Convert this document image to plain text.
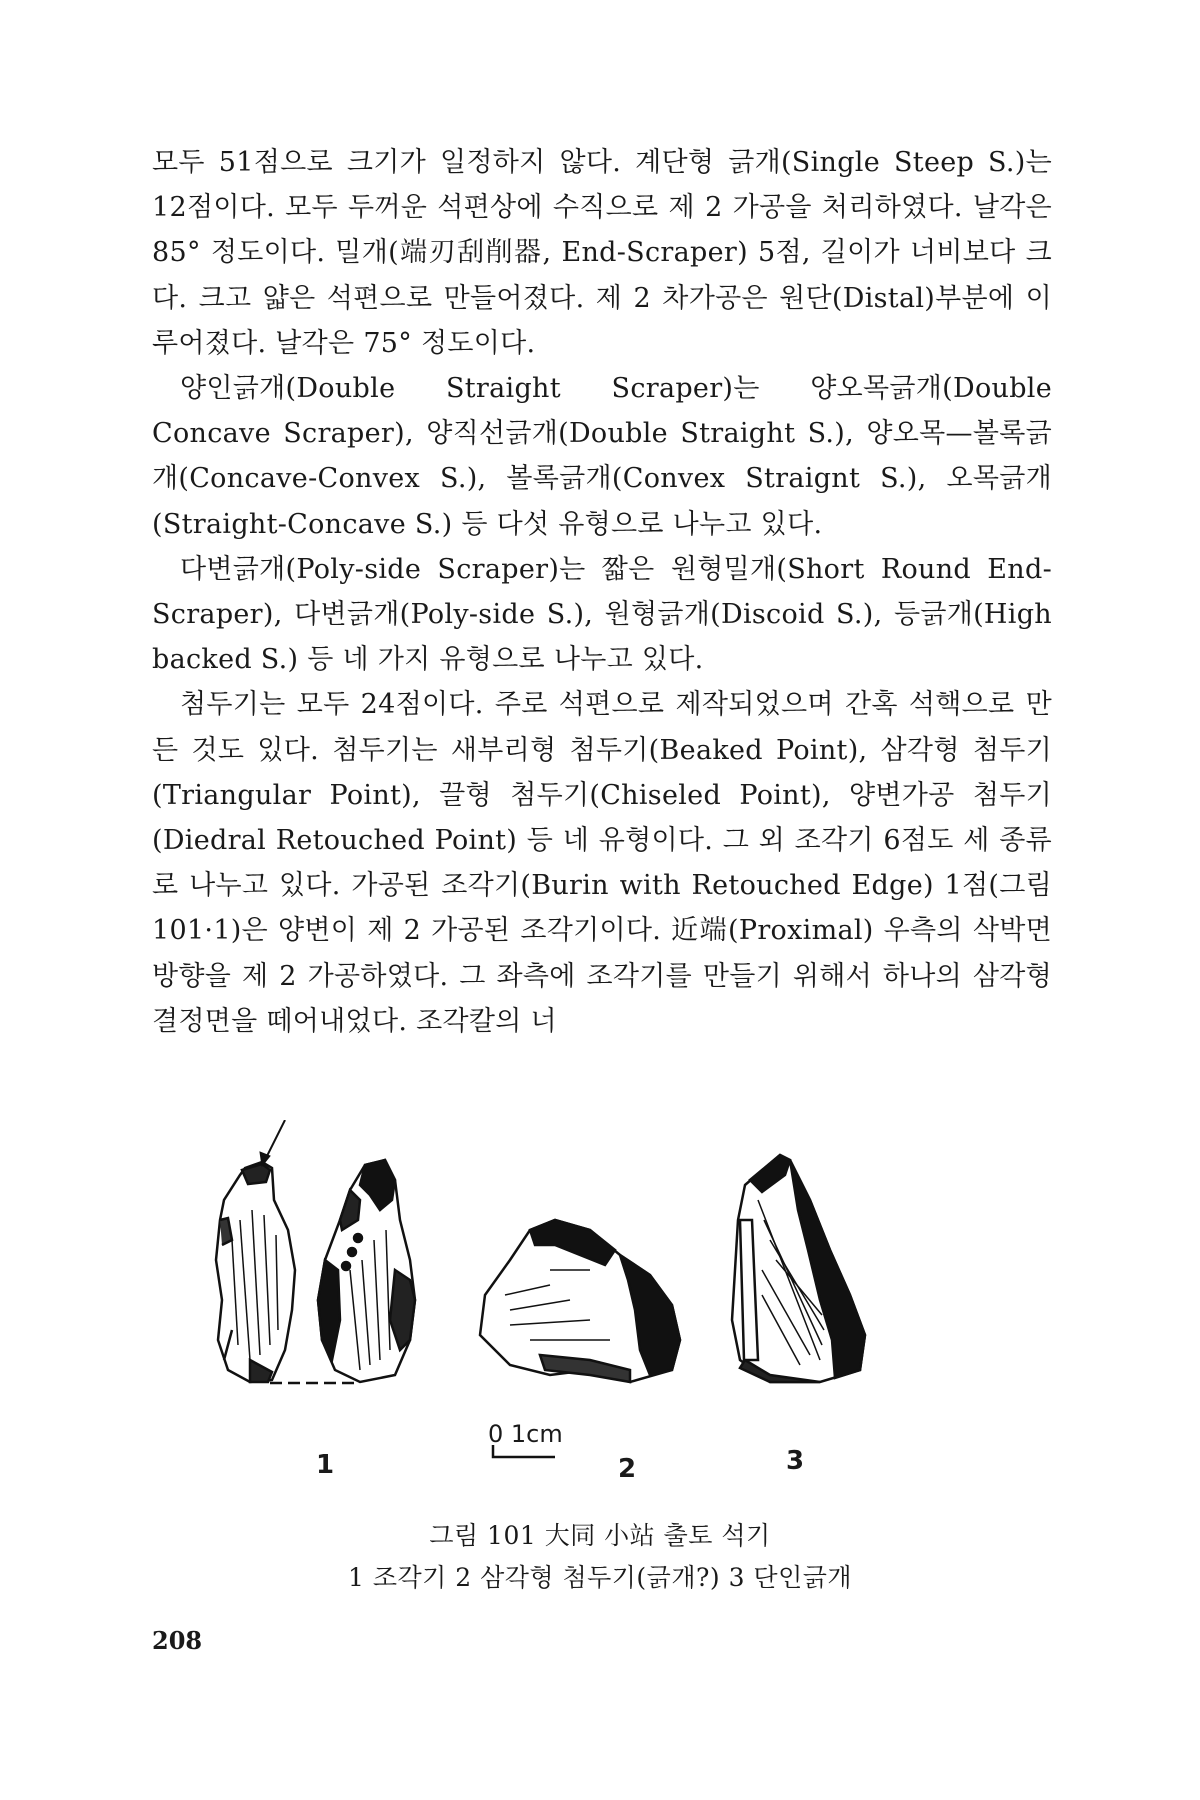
모두 51점으로 크기가 일정하지 않다. 계단형 긁개(Single Steep S.)는 12점이다. 모두 두꺼운 석편상에 수직으로 제 2 가공을 처리하였다. 날각은 85° 정도이다. 밀개(端刃刮削器, End-Scraper) 5점, 길이가 너비보다 크다. 크고 얇은 석편으로 만들어졌다. 제 2 차가공은 원단(Distal)부분에 이루어졌다. 날각은 75° 정도이다.

양인긁개(Double Straight Scraper)는 양오목긁개(Double Concave Scraper), 양직선긁개(Double Straight S.), 양오목—볼록긁개(Concave-Convex S.), 볼록긁개(Convex Straignt S.), 오목긁개(Straight-Concave S.) 등 다섯 유형으로 나누고 있다.

다변긁개(Poly-side Scraper)는 짧은 원형밀개(Short Round End-Scraper), 다변긁개(Poly-side S.), 원형긁개(Discoid S.), 등긁개(High backed S.) 등 네 가지 유형으로 나누고 있다.

첨두기는 모두 24점이다. 주로 석편으로 제작되었으며 간혹 석핵으로 만든 것도 있다. 첨두기는 새부리형 첨두기(Beaked Point), 삼각형 첨두기(Triangular Point), 끌형 첨두기(Chiseled Point), 양변가공 첨두기(Diedral Retouched Point) 등 네 유형이다. 그 외 조각기 6점도 세 종류로 나누고 있다. 가공된 조각기(Burin with Retouched Edge) 1점(그림 101·1)은 양변이 제 2 가공된 조각기이다. 近端(Proximal) 우측의 삭박면 방향을 제 2 가공하였다. 그 좌측에 조각기를 만들기 위해서 하나의 삼각형 결정면을 떼어내었다. 조각칼의 너

1	2	3
0 1cm
그림 101 大同 小站 출토 석기
1 조각기 2 삼각형 첨두기(긁개?) 3 단인긁개
208
